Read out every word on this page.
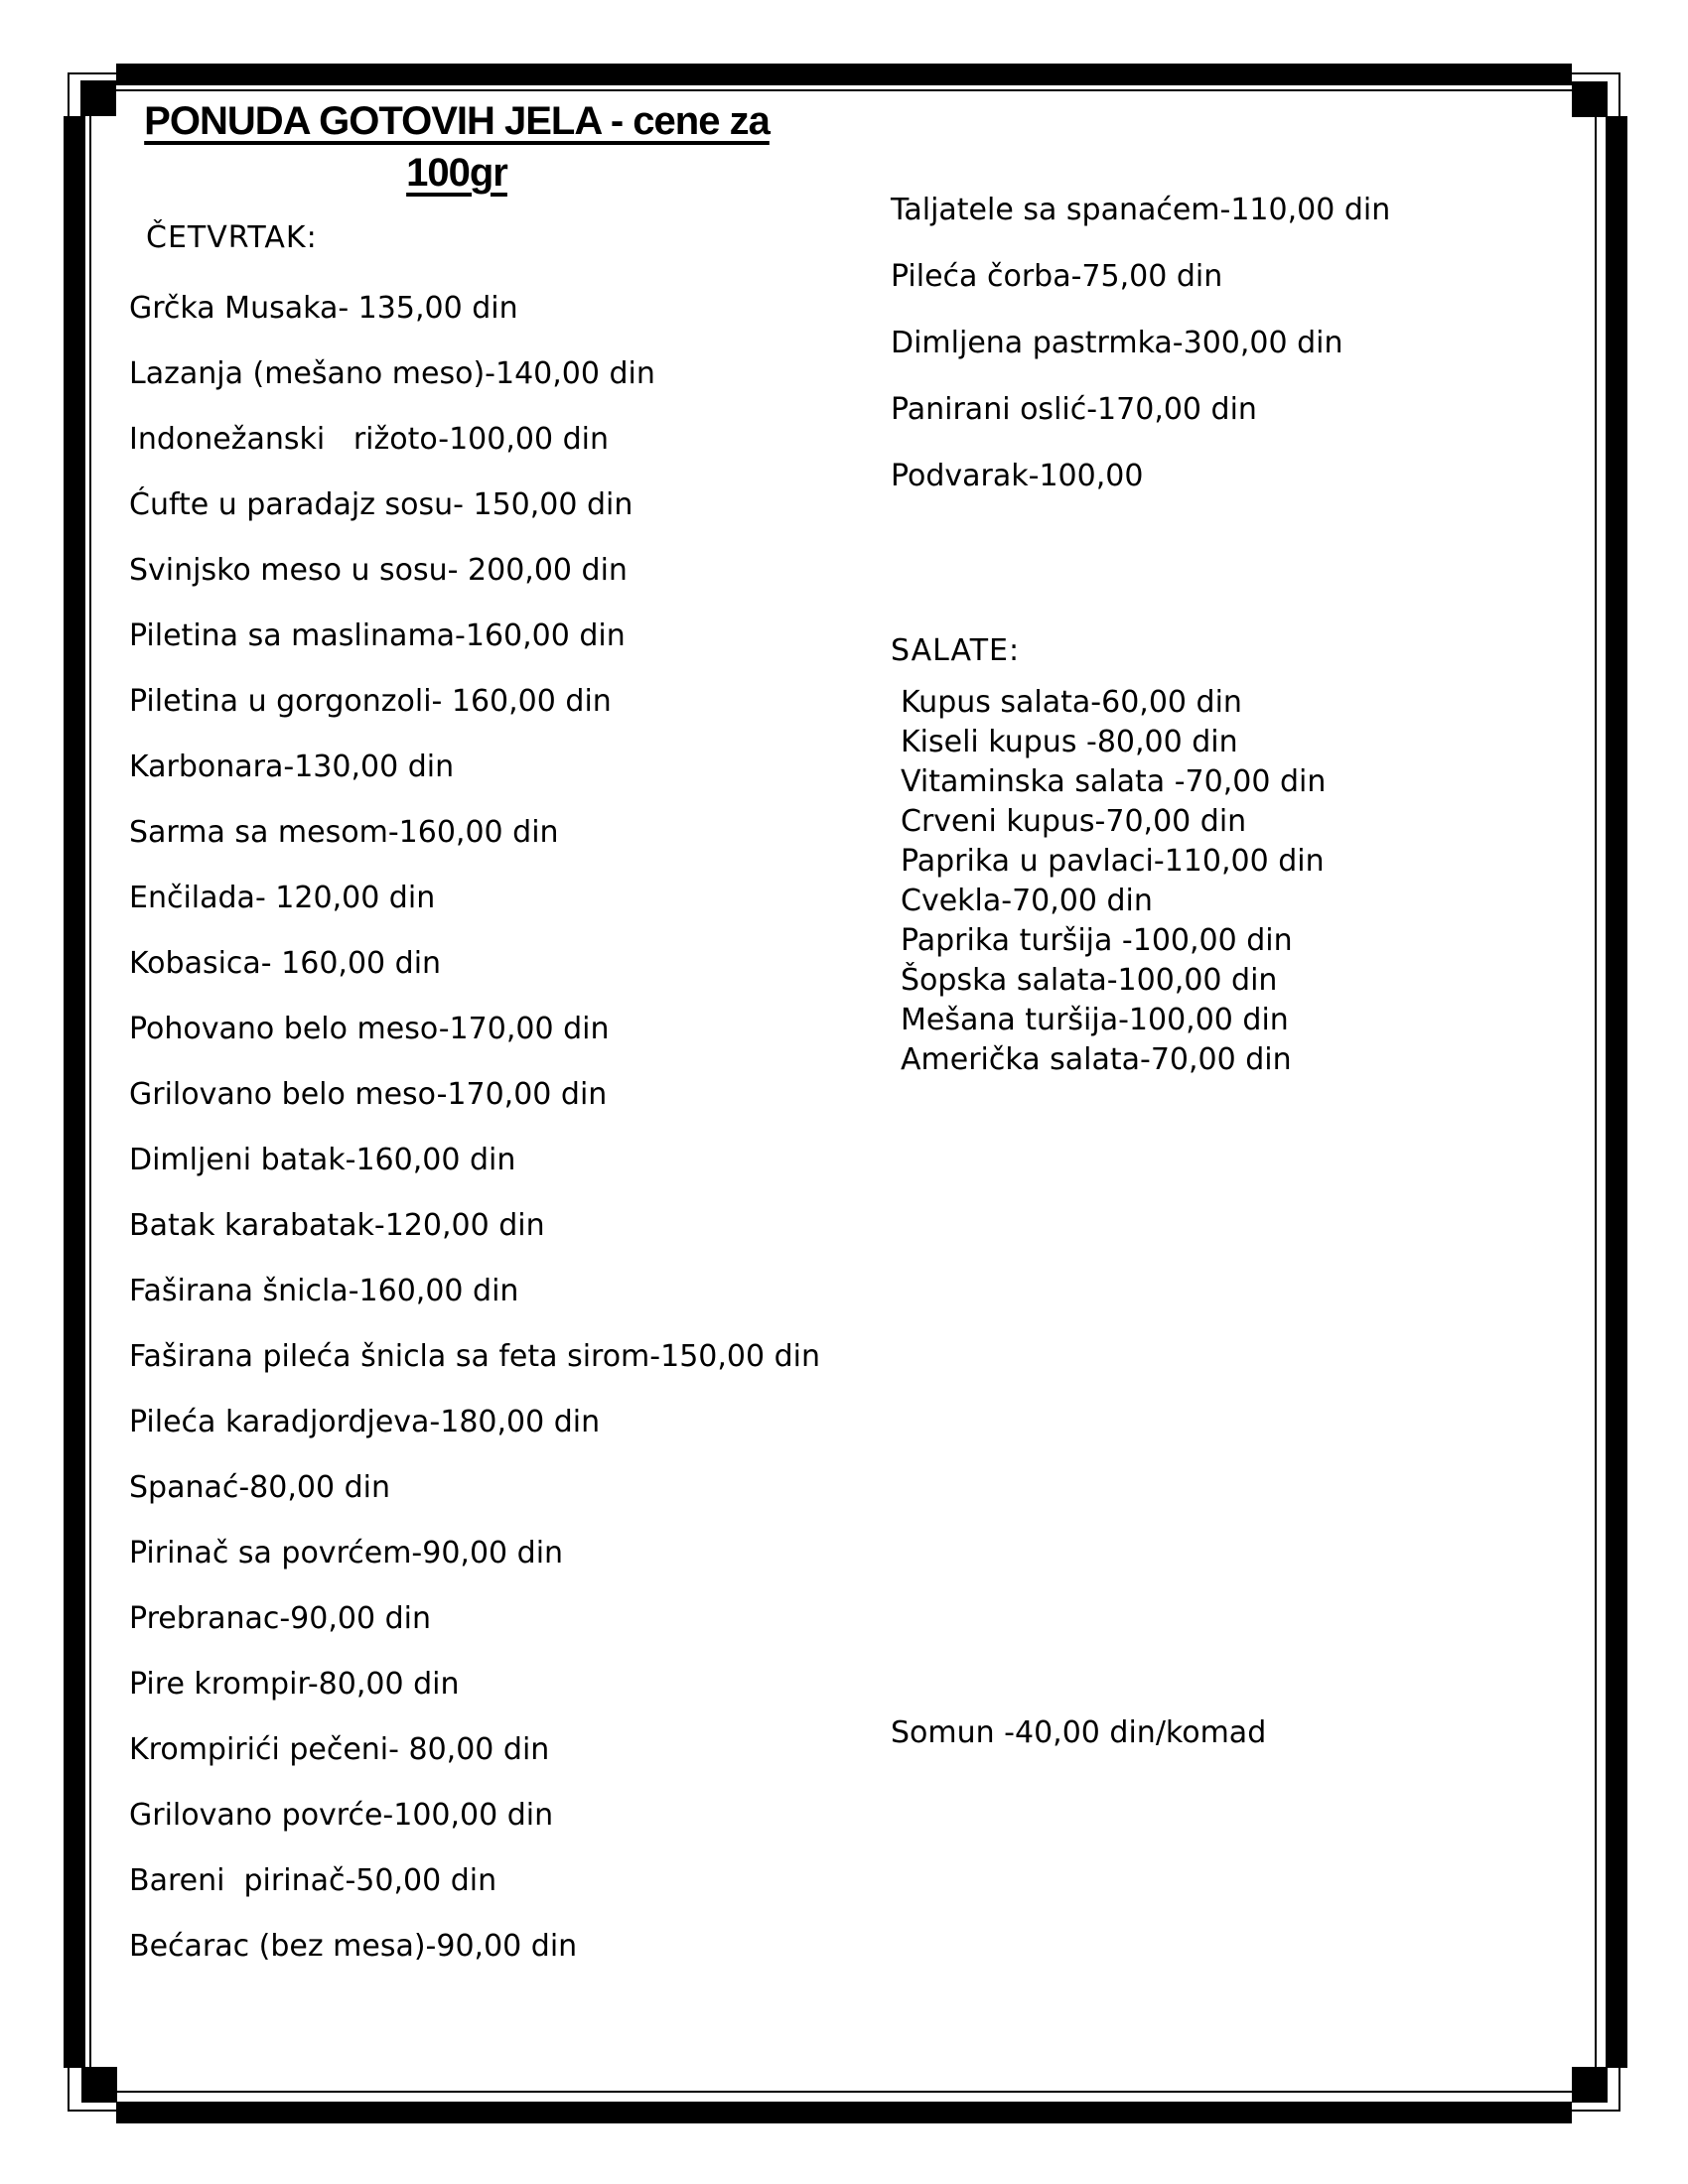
PONUDA GOTOVIH JELA - cene za
100gr
ČETVRTAK:
Grčka Musaka- 135,00 din
Lazanja (mešano meso)-140,00 din
Indonežanski   rižoto-100,00 din
Ćufte u paradajz sosu- 150,00 din
Svinjsko meso u sosu- 200,00 din
Piletina sa maslinama-160,00 din
Piletina u gorgonzoli- 160,00 din
Karbonara-130,00 din
Sarma sa mesom-160,00 din
Enčilada- 120,00 din
Kobasica- 160,00 din
Pohovano belo meso-170,00 din
Grilovano belo meso-170,00 din
Dimljeni batak-160,00 din
Batak karabatak-120,00 din
Faširana šnicla-160,00 din
Faširana pileća šnicla sa feta sirom-150,00 din
Pileća karadjordjeva-180,00 din
Spanać-80,00 din
Pirinač sa povrćem-90,00 din
Prebranac-90,00 din
Pire krompir-80,00 din
Krompirići pečeni- 80,00 din
Grilovano povrće-100,00 din
Bareni  pirinač-50,00 din
Bećarac (bez mesa)-90,00 din
Taljatele sa spanaćem-110,00 din
Pileća čorba-75,00 din
Dimljena pastrmka-300,00 din
Panirani oslić-170,00 din
Podvarak-100,00
SALATE:
Kupus salata-60,00 din
Kiseli kupus -80,00 din
Vitaminska salata -70,00 din
Crveni kupus-70,00 din
Paprika u pavlaci-110,00 din
Cvekla-70,00 din
Paprika turšija -100,00 din
Šopska salata-100,00 din
Mešana turšija-100,00 din
Američka salata-70,00 din
Somun -40,00 din/komad
